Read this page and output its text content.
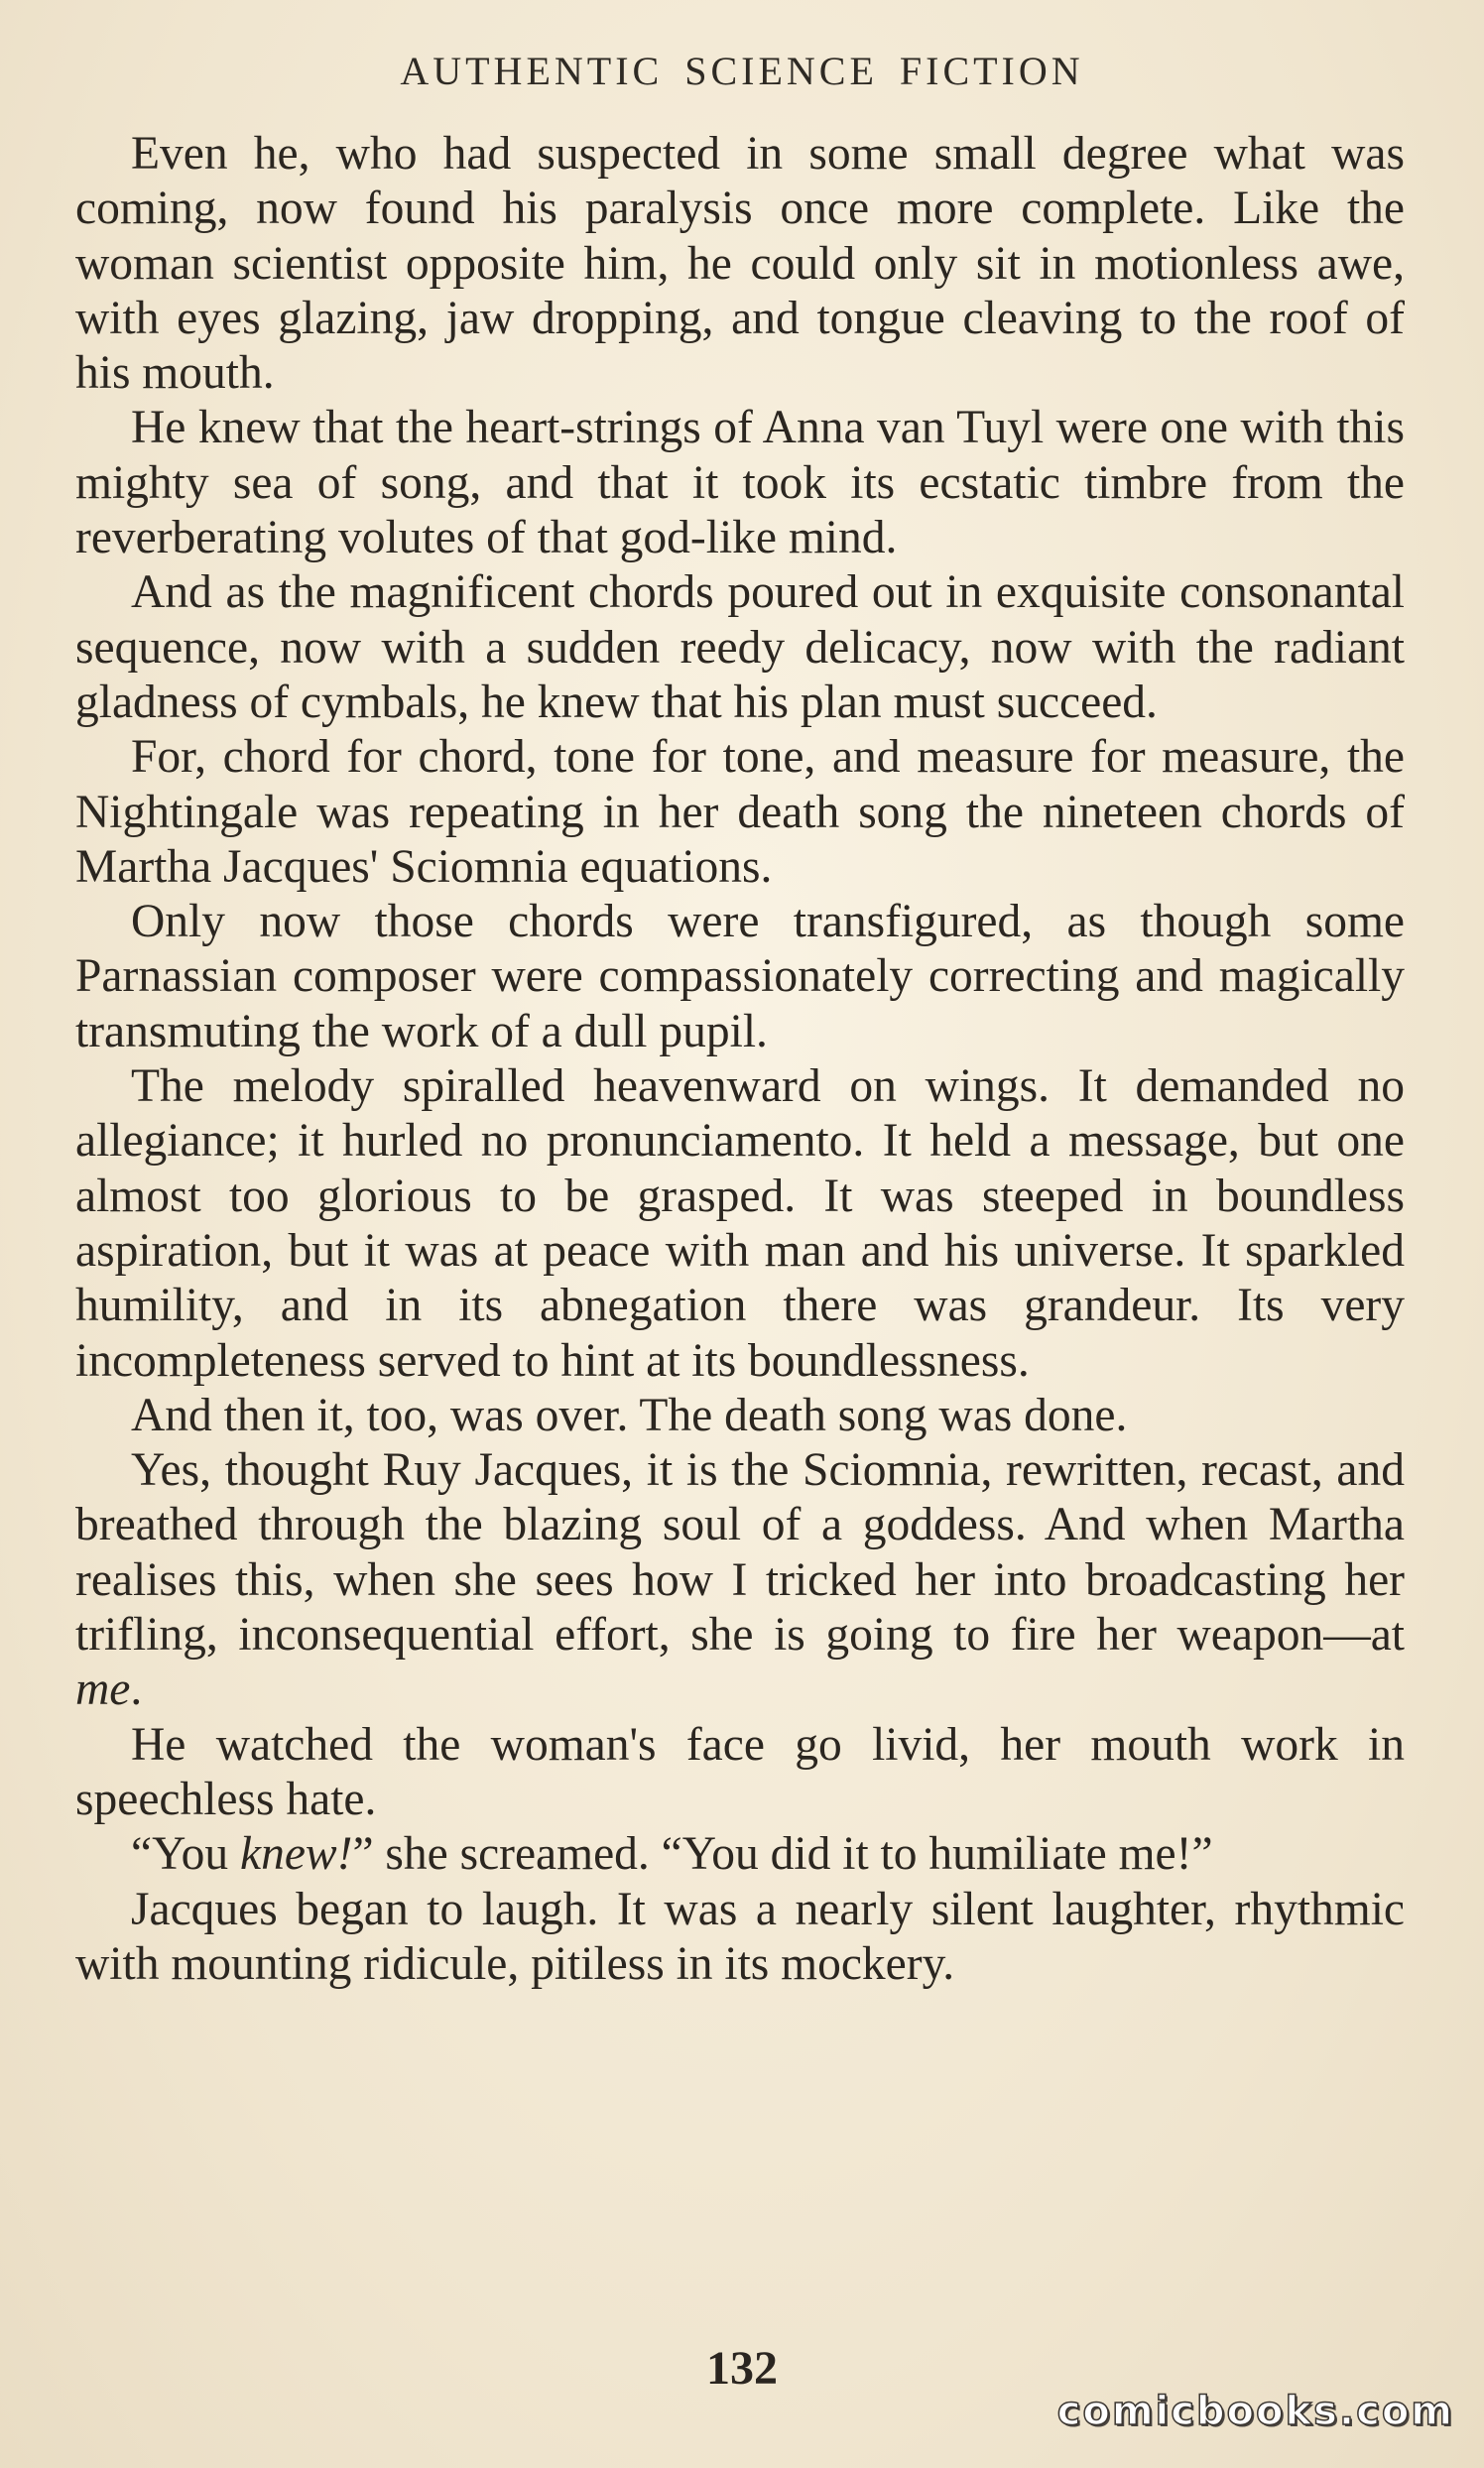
AUTHENTIC SCIENCE FICTION

Even he, who had suspected in some small degree what was coming, now found his paralysis once more complete. Like the woman scientist opposite him, he could only sit in motionless awe, with eyes glazing, jaw dropping, and tongue cleaving to the roof of his mouth.

He knew that the heart-strings of Anna van Tuyl were one with this mighty sea of song, and that it took its ecstatic timbre from the reverberating volutes of that god-like mind.

And as the magnificent chords poured out in exquisite consonantal sequence, now with a sudden reedy delicacy, now with the radiant gladness of cymbals, he knew that his plan must succeed.

For, chord for chord, tone for tone, and measure for measure, the Nightingale was repeating in her death song the nineteen chords of Martha Jacques' Sciomnia equations.

Only now those chords were transfigured, as though some Parnassian composer were compassionately correcting and magically transmuting the work of a dull pupil.

The melody spiralled heavenward on wings. It demanded no allegiance; it hurled no pronunciamento. It held a message, but one almost too glorious to be grasped. It was steeped in boundless aspiration, but it was at peace with man and his universe. It sparkled humility, and in its abnegation there was grandeur. Its very incompleteness served to hint at its boundlessness.

And then it, too, was over. The death song was done.

Yes, thought Ruy Jacques, it is the Sciomnia, rewritten, recast, and breathed through the blazing soul of a goddess. And when Martha realises this, when she sees how I tricked her into broadcasting her trifling, inconsequential effort, she is going to fire her weapon—at me.

He watched the woman's face go livid, her mouth work in speechless hate.

“You knew!” she screamed. “You did it to humiliate me!”

Jacques began to laugh. It was a nearly silent laughter, rhythmic with mounting ridicule, pitiless in its mockery.

132
comicbooks.com
